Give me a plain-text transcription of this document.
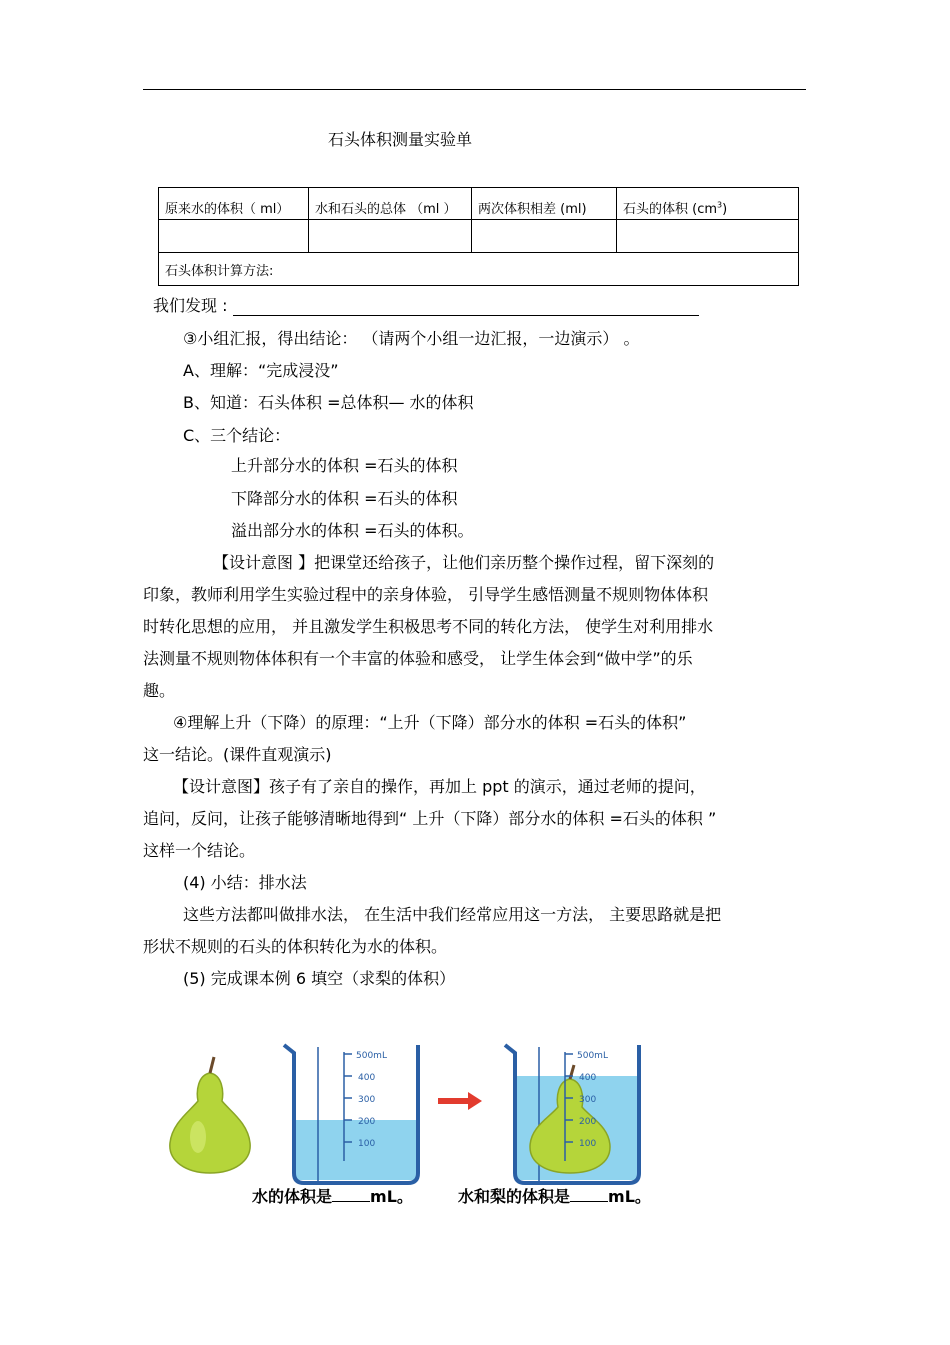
石头体积测量实验单
原来水的体积（ ml）	水和石头的总体 （ml ）	两次体积相差 (ml)	石头的体积 $(cm^3)$

石头体积计算方法:			
我们发现 :
③小组汇报，得出结论： （请两个小组一边汇报，一边演示） 。
A、理解：“完成浸没”
B、知道：石头体积 =总体积— 水的体积
C、三个结论：
上升部分水的体积 =石头的体积
下降部分水的体积 =石头的体积
溢出部分水的体积 =石头的体积。
【设计意图 】把课堂还给孩子，让他们亲历整个操作过程，留下深刻的
印象，教师利用学生实验过程中的亲身体验， 引导学生感悟测量不规则物体体积
时转化思想的应用， 并且激发学生积极思考不同的转化方法， 使学生对利用排水
法测量不规则物体体积有一个丰富的体验和感受， 让学生体会到“做中学”的乐
趣。
④理解上升（下降）的原理：“上升（下降）部分水的体积 =石头的体积”
这一结论。(课件直观演示)
【设计意图】孩子有了亲自的操作，再加上 ppt 的演示，通过老师的提问，
追问，反问，让孩子能够清晰地得到“ 上升（下降）部分水的体积 =石头的体积 ”
这样一个结论。
(4) 小结：排水法
这些方法都叫做排水法， 在生活中我们经常应用这一方法， 主要思路就是把
形状不规则的石头的体积转化为水的体积。
(5) 完成课本例 6 填空（求梨的体积）
500mL
400
300
200
100
500mL
400
300
200
100
水的体积是 mL。	水和梨的体积是 mL。
